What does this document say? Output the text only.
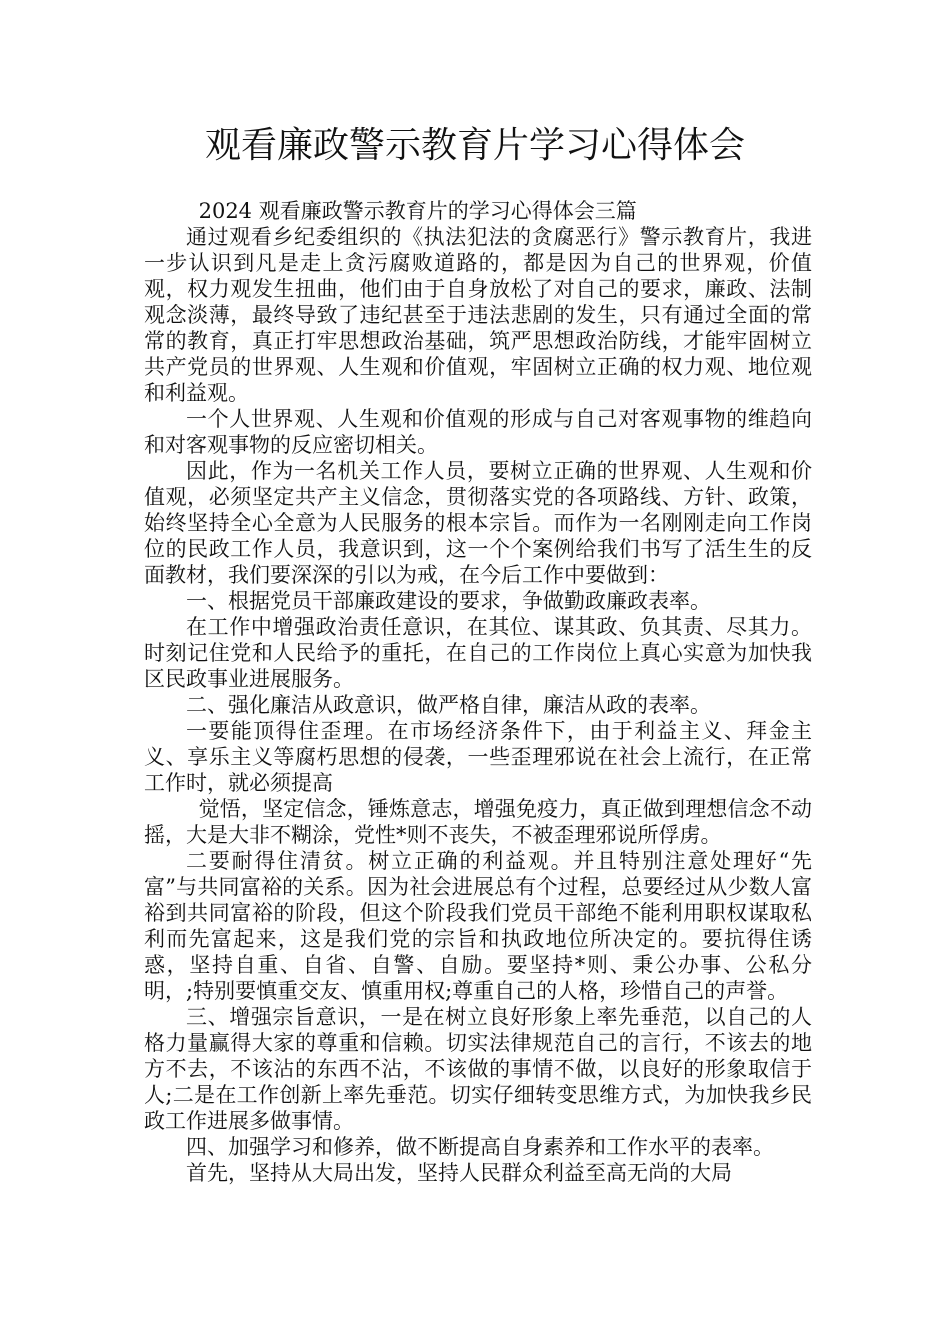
观看廉政警示教育片学习心得体会

2024 观看廉政警示教育片的学习心得体会三篇

通过观看乡纪委组织的《执法犯法的贪腐恶行》警示教育片，我进一步认识到凡是走上贪污腐败道路的，都是因为自己的世界观，价值观，权力观发生扭曲，他们由于自身放松了对自己的要求，廉政、法制观念淡薄，最终导致了违纪甚至于违法悲剧的发生，只有通过全面的常常的教育，真正打牢思想政治基础，筑严思想政治防线，才能牢固树立共产党员的世界观、人生观和价值观，牢固树立正确的权力观、地位观和利益观。

一个人世界观、人生观和价值观的形成与自己对客观事物的维趋向和对客观事物的反应密切相关。

因此，作为一名机关工作人员，要树立正确的世界观、人生观和价值观，必须坚定共产主义信念，贯彻落实党的各项路线、方针、政策，始终坚持全心全意为人民服务的根本宗旨。而作为一名刚刚走向工作岗位的民政工作人员，我意识到，这一个个案例给我们书写了活生生的反面教材，我们要深深的引以为戒，在今后工作中要做到：

一、根据党员干部廉政建设的要求，争做勤政廉政表率。

在工作中增强政治责任意识，在其位、谋其政、负其责、尽其力。时刻记住党和人民给予的重托，在自己的工作岗位上真心实意为加快我区民政事业进展服务。

二、强化廉洁从政意识，做严格自律，廉洁从政的表率。

一要能顶得住歪理。在市场经济条件下，由于利益主义、拜金主义、享乐主义等腐朽思想的侵袭，一些歪理邪说在社会上流行，在正常工作时，就必须提高

觉悟，坚定信念，锤炼意志，增强免疫力，真正做到理想信念不动摇，大是大非不糊涂，党性*则不丧失，不被歪理邪说所俘虏。

二要耐得住清贫。树立正确的利益观。并且特别注意处理好“先富”与共同富裕的关系。因为社会进展总有个过程，总要经过从少数人富裕到共同富裕的阶段，但这个阶段我们党员干部绝不能利用职权谋取私利而先富起来，这是我们党的宗旨和执政地位所决定的。要抗得住诱惑，坚持自重、自省、自警、自励。要坚持*则、秉公办事、公私分明，;特别要慎重交友、慎重用权;尊重自己的人格，珍惜自己的声誉。

三、增强宗旨意识，一是在树立良好形象上率先垂范，以自己的人格力量赢得大家的尊重和信赖。切实法律规范自己的言行，不该去的地方不去，不该沾的东西不沾，不该做的事情不做，以良好的形象取信于人;二是在工作创新上率先垂范。切实仔细转变思维方式，为加快我乡民政工作进展多做事情。

四、加强学习和修养，做不断提高自身素养和工作水平的表率。

首先，坚持从大局出发，坚持人民群众利益至高无尚的大局
